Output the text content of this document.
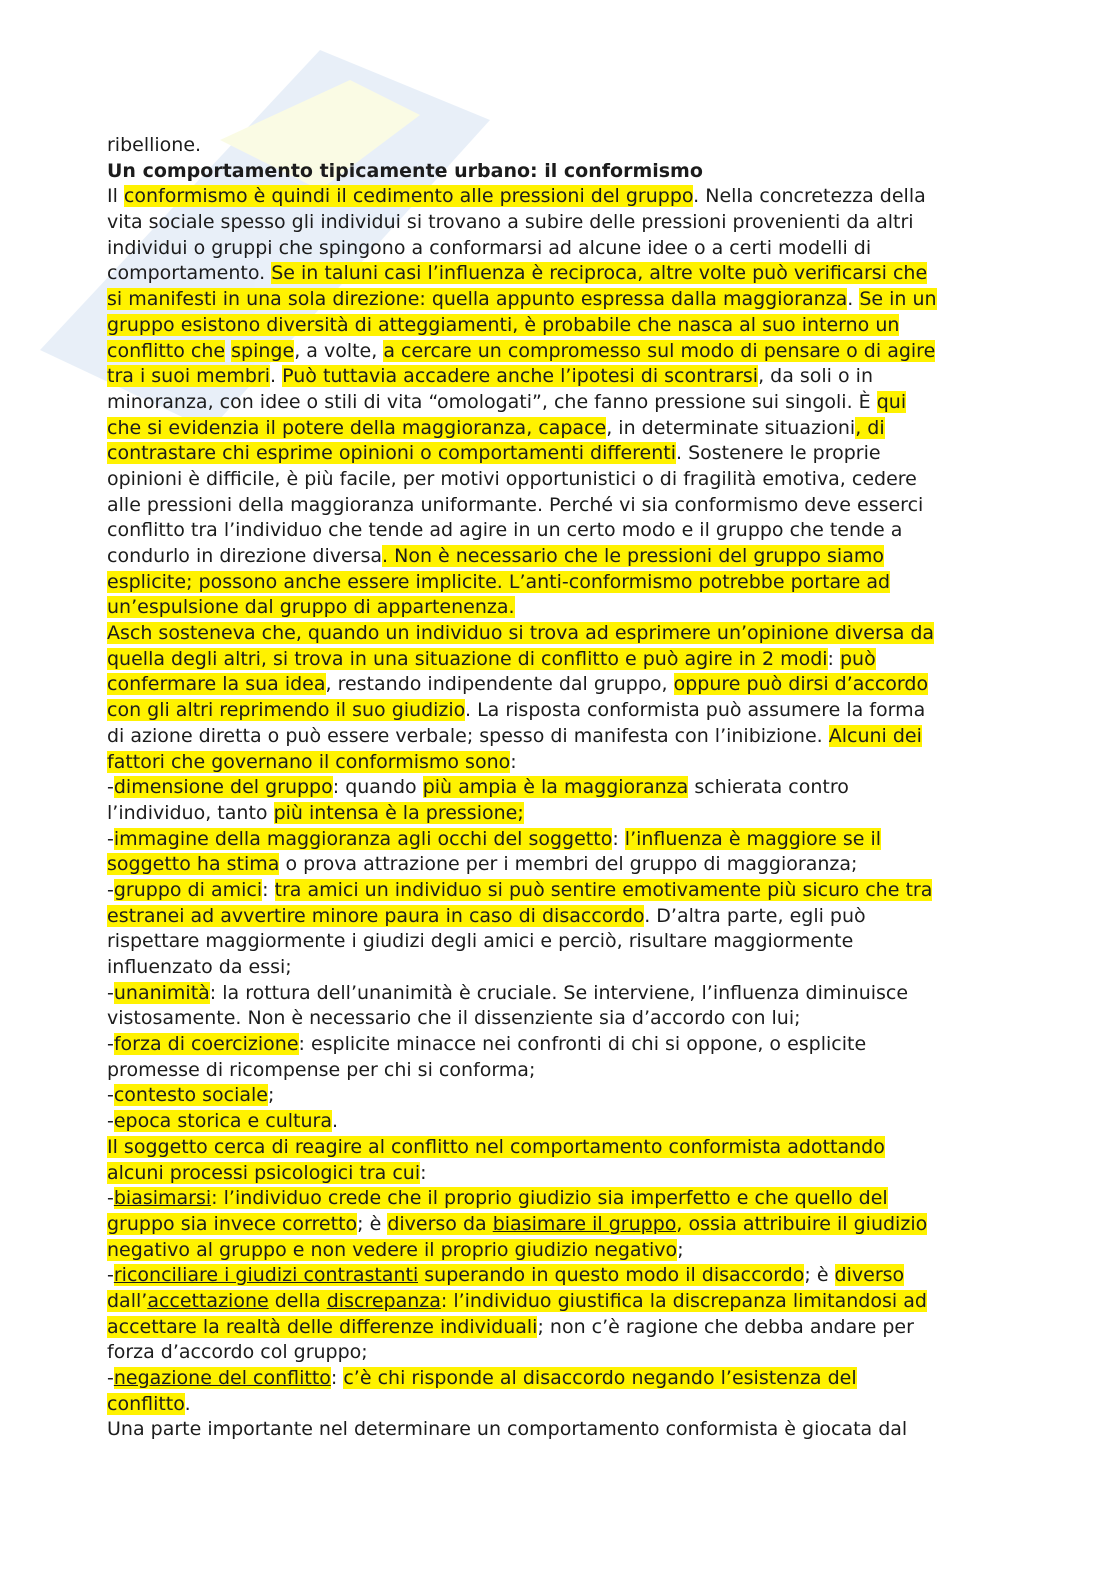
ribellione.
Un comportamento tipicamente urbano: il conformismo
Il conformismo è quindi il cedimento alle pressioni del gruppo. Nella concretezza della
vita sociale spesso gli individui si trovano a subire delle pressioni provenienti da altri
individui o gruppi che spingono a conformarsi ad alcune idee o a certi modelli di
comportamento. Se in taluni casi l’influenza è reciproca, altre volte può verificarsi che
si manifesti in una sola direzione: quella appunto espressa dalla maggioranza. Se in un
gruppo esistono diversità di atteggiamenti, è probabile che nasca al suo interno un
conflitto che spinge, a volte, a cercare un compromesso sul modo di pensare o di agire
tra i suoi membri. Può tuttavia accadere anche l’ipotesi di scontrarsi, da soli o in
minoranza, con idee o stili di vita “omologati”, che fanno pressione sui singoli. È qui
che si evidenzia il potere della maggioranza, capace, in determinate situazioni, di
contrastare chi esprime opinioni o comportamenti differenti. Sostenere le proprie
opinioni è difficile, è più facile, per motivi opportunistici o di fragilità emotiva, cedere
alle pressioni della maggioranza uniformante. Perché vi sia conformismo deve esserci
conflitto tra l’individuo che tende ad agire in un certo modo e il gruppo che tende a
condurlo in direzione diversa. Non è necessario che le pressioni del gruppo siamo
esplicite; possono anche essere implicite. L’anti-conformismo potrebbe portare ad
un’espulsione dal gruppo di appartenenza.
Asch sosteneva che, quando un individuo si trova ad esprimere un’opinione diversa da
quella degli altri, si trova in una situazione di conflitto e può agire in 2 modi: può
confermare la sua idea, restando indipendente dal gruppo, oppure può dirsi d’accordo
con gli altri reprimendo il suo giudizio. La risposta conformista può assumere la forma
di azione diretta o può essere verbale; spesso di manifesta con l’inibizione. Alcuni dei
fattori che governano il conformismo sono:
-dimensione del gruppo: quando più ampia è la maggioranza schierata contro
l’individuo, tanto più intensa è la pressione;
-immagine della maggioranza agli occhi del soggetto: l’influenza è maggiore se il
soggetto ha stima o prova attrazione per i membri del gruppo di maggioranza;
-gruppo di amici: tra amici un individuo si può sentire emotivamente più sicuro che tra
estranei ad avvertire minore paura in caso di disaccordo. D’altra parte, egli può
rispettare maggiormente i giudizi degli amici e perciò, risultare maggiormente
influenzato da essi;
-unanimità: la rottura dell’unanimità è cruciale. Se interviene, l’influenza diminuisce
vistosamente. Non è necessario che il dissenziente sia d’accordo con lui;
-forza di coercizione: esplicite minacce nei confronti di chi si oppone, o esplicite
promesse di ricompense per chi si conforma;
-contesto sociale;
-epoca storica e cultura.
Il soggetto cerca di reagire al conflitto nel comportamento conformista adottando
alcuni processi psicologici tra cui:
-biasimarsi: l’individuo crede che il proprio giudizio sia imperfetto e che quello del
gruppo sia invece corretto; è diverso da biasimare il gruppo, ossia attribuire il giudizio
negativo al gruppo e non vedere il proprio giudizio negativo;
-riconciliare i giudizi contrastanti superando in questo modo il disaccordo; è diverso
dall’accettazione della discrepanza: l’individuo giustifica la discrepanza limitandosi ad
accettare la realtà delle differenze individuali; non c’è ragione che debba andare per
forza d’accordo col gruppo;
-negazione del conflitto: c’è chi risponde al disaccordo negando l’esistenza del
conflitto.
Una parte importante nel determinare un comportamento conformista è giocata dal
